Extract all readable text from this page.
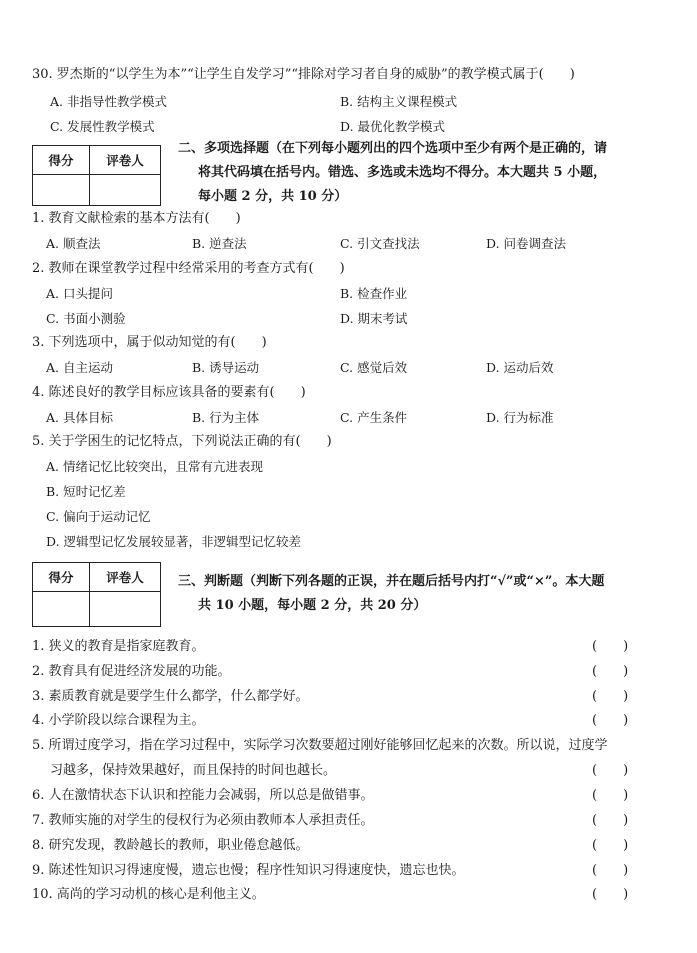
30. 罗杰斯的“以学生为本”“让学生自发学习”“排除对学习者自身的威胁”的教学模式属于(　　)
A. 非指导性教学模式	B. 结构主义课程模式
C. 发展性教学模式	D. 最优化教学模式
得分	评卷人

二、多项选择题（在下列每小题列出的四个选项中至少有两个是正确的，请
将其代码填在括号内。错选、多选或未选均不得分。本大题共 5 小题，
每小题 2 分，共 10 分）
1. 教育文献检索的基本方法有(　　)
A. 顺查法	B. 逆查法	C. 引文查找法	D. 问卷调查法
2. 教师在课堂教学过程中经常采用的考查方式有(　　)
A. 口头提问	B. 检查作业
C. 书面小测验	D. 期末考试
3. 下列选项中，属于似动知觉的有(　　)
A. 自主运动	B. 诱导运动	C. 感觉后效	D. 运动后效
4. 陈述良好的教学目标应该具备的要素有(　　)
A. 具体目标	B. 行为主体	C. 产生条件	D. 行为标准
5. 关于学困生的记忆特点，下列说法正确的有(　　)
A. 情绪记忆比较突出，且常有亢进表现
B. 短时记忆差
C. 偏向于运动记忆
D. 逻辑型记忆发展较显著，非逻辑型记忆较差
得分	评卷人
		三、判断题（判断下列各题的正误，并在题后括号内打“√”或“×”。本大题
共 10 小题，每小题 2 分，共 20 分）
1. 狭义的教育是指家庭教育。	(　　)
2. 教育具有促进经济发展的功能。	(　　)
3. 素质教育就是要学生什么都学，什么都学好。	(　　)
4. 小学阶段以综合课程为主。	(　　)
5. 所谓过度学习，指在学习过程中，实际学习次数要超过刚好能够回忆起来的次数。所以说，过度学
习越多，保持效果越好，而且保持的时间也越长。	(　　)
6. 人在激情状态下认识和控能力会减弱，所以总是做错事。	(　　)
7. 教师实施的对学生的侵权行为必须由教师本人承担责任。	(　　)
8. 研究发现，教龄越长的教师，职业倦怠越低。	(　　)
9. 陈述性知识习得速度慢，遗忘也慢；程序性知识习得速度快，遗忘也快。	(　　)
10. 高尚的学习动机的核心是利他主义。	(　　)
